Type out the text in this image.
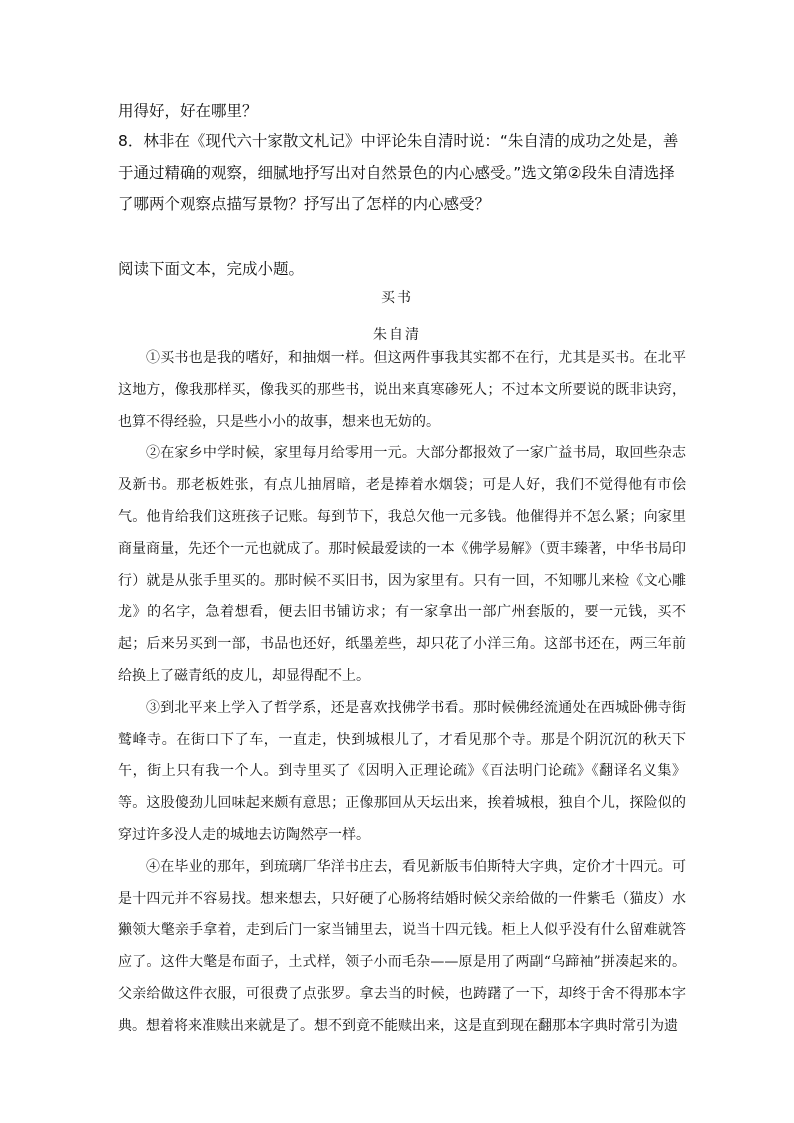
用得好，好在哪里？

8．林非在《现代六十家散文札记》中评论朱自清时说：“朱自清的成功之处是，善于通过精确的观察，细腻地抒写出对自然景色的内心感受。”选文第②段朱自清选择了哪两个观察点描写景物？抒写出了怎样的内心感受？

阅读下面文本，完成小题。

买书

朱自清

①买书也是我的嗜好，和抽烟一样。但这两件事我其实都不在行，尤其是买书。在北平这地方，像我那样买，像我买的那些书，说出来真寒碜死人；不过本文所要说的既非诀窍，也算不得经验，只是些小小的故事，想来也无妨的。

②在家乡中学时候，家里每月给零用一元。大部分都报效了一家广益书局，取回些杂志及新书。那老板姓张，有点儿抽屑暗，老是捧着水烟袋；可是人好，我们不觉得他有市侩气。他肯给我们这班孩子记账。每到节下，我总欠他一元多钱。他催得并不怎么紧；向家里商量商量，先还个一元也就成了。那时候最爱读的一本《佛学易解》（贾丰臻著，中华书局印行）就是从张手里买的。那时候不买旧书，因为家里有。只有一回，不知哪儿来检《文心雕龙》的名字，急着想看，便去旧书铺访求；有一家拿出一部广州套版的，要一元钱，买不起；后来另买到一部，书品也还好，纸墨差些，却只花了小洋三角。这部书还在，两三年前给换上了磁青纸的皮儿，却显得配不上。

③到北平来上学入了哲学系，还是喜欢找佛学书看。那时候佛经流通处在西城卧佛寺街鹫峰寺。在街口下了车，一直走，快到城根儿了，才看见那个寺。那是个阴沉沉的秋天下午，街上只有我一个人。到寺里买了《因明入正理论疏》《百法明门论疏》《翻译名义集》等。这股傻劲儿回味起来颇有意思；正像那回从天坛出来，挨着城根，独自个儿，探险似的穿过许多没人走的城地去访陶然亭一样。

④在毕业的那年，到琉璃厂华洋书庄去，看见新版韦伯斯特大字典，定价才十四元。可是十四元并不容易找。想来想去，只好硬了心肠将结婚时候父亲给做的一件紫毛（猫皮）水獭领大氅亲手拿着，走到后门一家当铺里去，说当十四元钱。柜上人似乎没有什么留难就答应了。这件大氅是布面子，土式样，领子小而毛杂——原是用了两副“乌蹄袖”拼凑起来的。父亲给做这件衣服，可很费了点张罗。拿去当的时候，也踌躇了一下，却终于舍不得那本字典。想着将来准赎出来就是了。想不到竟不能赎出来，这是直到现在翻那本字典时常引为遗
